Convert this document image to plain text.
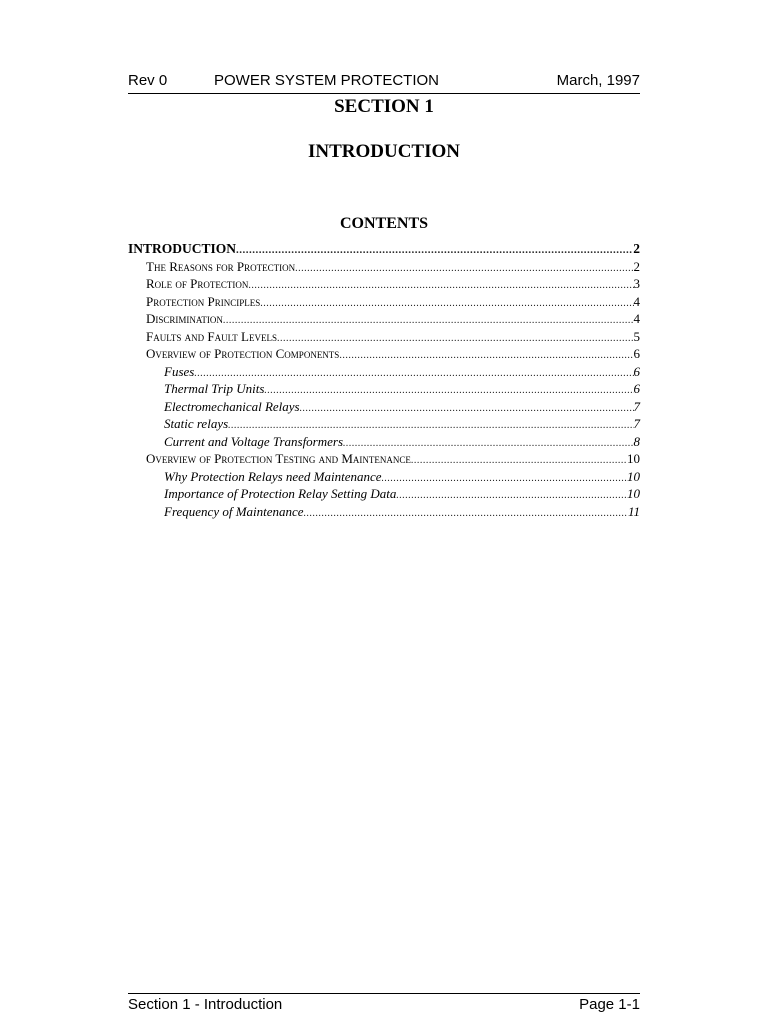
Rev 0	POWER SYSTEM PROTECTION	March, 1997
SECTION 1
INTRODUCTION
CONTENTS
INTRODUCTION .....	2
The Reasons for Protection .....	2
Role of Protection .....	3
Protection Principles .....	4
Discrimination .....	4
Faults and Fault Levels .....	5
Overview of Protection Components .....	6
Fuses .....	6
Thermal Trip Units .....	6
Electromechanical Relays .....	7
Static relays .....	7
Current and Voltage Transformers .....	8
Overview of Protection Testing and Maintenance .....	10
Why Protection Relays need Maintenance .....	10
Importance of Protection Relay Setting Data .....	10
Frequency of Maintenance .....	11
Section 1 - Introduction	Page 1-1
